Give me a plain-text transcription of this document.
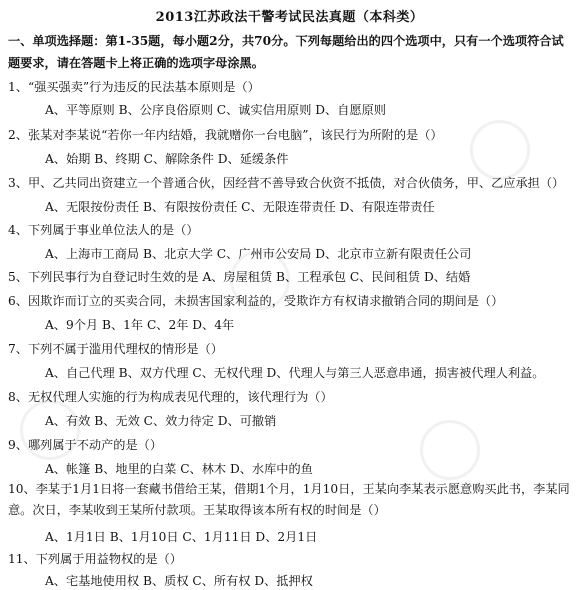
2013江苏政法干警考试民法真题（本科类）
一、单项选择题：第1-35题，每小题2分，共70分。下列每题给出的四个选项中，只有一个选项符合试题要求，请在答题卡上将正确的选项字母涂黑。
1、“强买强卖”行为违反的民法基本原则是（）
A、平等原则 B、公序良俗原则 C、诚实信用原则 D、自愿原则
2、张某对李某说“若你一年内结婚，我就赠你一台电脑”，该民行为所附的是（）
A、始期 B、终期 C、解除条件 D、延缓条件
3、甲、乙共同出资建立一个普通合伙，因经营不善导致合伙资不抵债，对合伙债务，甲、乙应承担（）
A、无限按份责任 B、有限按份责任 C、无限连带责任 D、有限连带责任
4、下列属于事业单位法人的是（）
A、上海市工商局 B、北京大学 C、广州市公安局 D、北京市立新有限责任公司
5、下列民事行为自登记时生效的是 A、房屋租赁 B、工程承包 C、民间租赁 D、结婚
6、因欺诈而订立的买卖合同，未损害国家利益的，受欺诈方有权请求撤销合同的期间是（）
A、9个月 B、1年 C、2年 D、4年
7、下列不属于滥用代理权的情形是（）
A、自己代理 B、双方代理 C、无权代理 D、代理人与第三人恶意串通，损害被代理人利益。
8、无权代理人实施的行为构成表见代理的，该代理行为（）
A、有效 B、无效 C、效力待定 D、可撤销
9、哪列属于不动产的是（）
A、帐篷 B、地里的白菜 C、林木 D、水库中的鱼
10、李某于1月1日将一套藏书借给王某，借期1个月，1月10日，王某向李某表示愿意购买此书，李某同意。次日，李某收到王某所付款项。王某取得该本所有权的时间是（）
A、1月1日 B、1月10日 C、1月11日 D、2月1日
11、下列属于用益物权的是（）
A、宅基地使用权 B、质权 C、所有权 D、抵押权
